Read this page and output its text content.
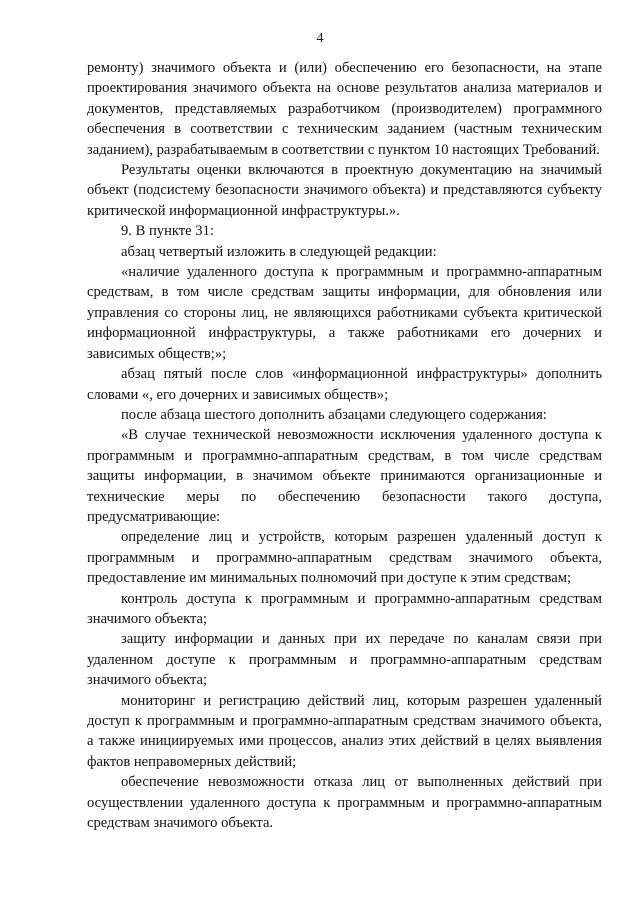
4

ремонту) значимого объекта и (или) обеспечению его безопасности, на этапе проектирования значимого объекта на основе результатов анализа материалов и документов, представляемых разработчиком (производителем) программного обеспечения в соответствии с техническим заданием (частным техническим заданием), разрабатываемым в соответствии с пунктом 10 настоящих Требований.

Результаты оценки включаются в проектную документацию на значимый объект (подсистему безопасности значимого объекта) и представляются субъекту критической информационной инфраструктуры.».

9. В пункте 31:

абзац четвертый изложить в следующей редакции:

«наличие удаленного доступа к программным и программно-аппаратным средствам, в том числе средствам защиты информации, для обновления или управления со стороны лиц, не являющихся работниками субъекта критической информационной инфраструктуры, а также работниками его дочерних и зависимых обществ;»;

абзац пятый после слов «информационной инфраструктуры» дополнить словами «, его дочерних и зависимых обществ»;

после абзаца шестого дополнить абзацами следующего содержания:

«В случае технической невозможности исключения удаленного доступа к программным и программно-аппаратным средствам, в том числе средствам защиты информации, в значимом объекте принимаются организационные и технические меры по обеспечению безопасности такого доступа, предусматривающие:

определение лиц и устройств, которым разрешен удаленный доступ к программным и программно-аппаратным средствам значимого объекта, предоставление им минимальных полномочий при доступе к этим средствам;

контроль доступа к программным и программно-аппаратным средствам значимого объекта;

защиту информации и данных при их передаче по каналам связи при удаленном доступе к программным и программно-аппаратным средствам значимого объекта;

мониторинг и регистрацию действий лиц, которым разрешен удаленный доступ к программным и программно-аппаратным средствам значимого объекта, а также инициируемых ими процессов, анализ этих действий в целях выявления фактов неправомерных действий;

обеспечение невозможности отказа лиц от выполненных действий при осуществлении удаленного доступа к программным и программно-аппаратным средствам значимого объекта.
